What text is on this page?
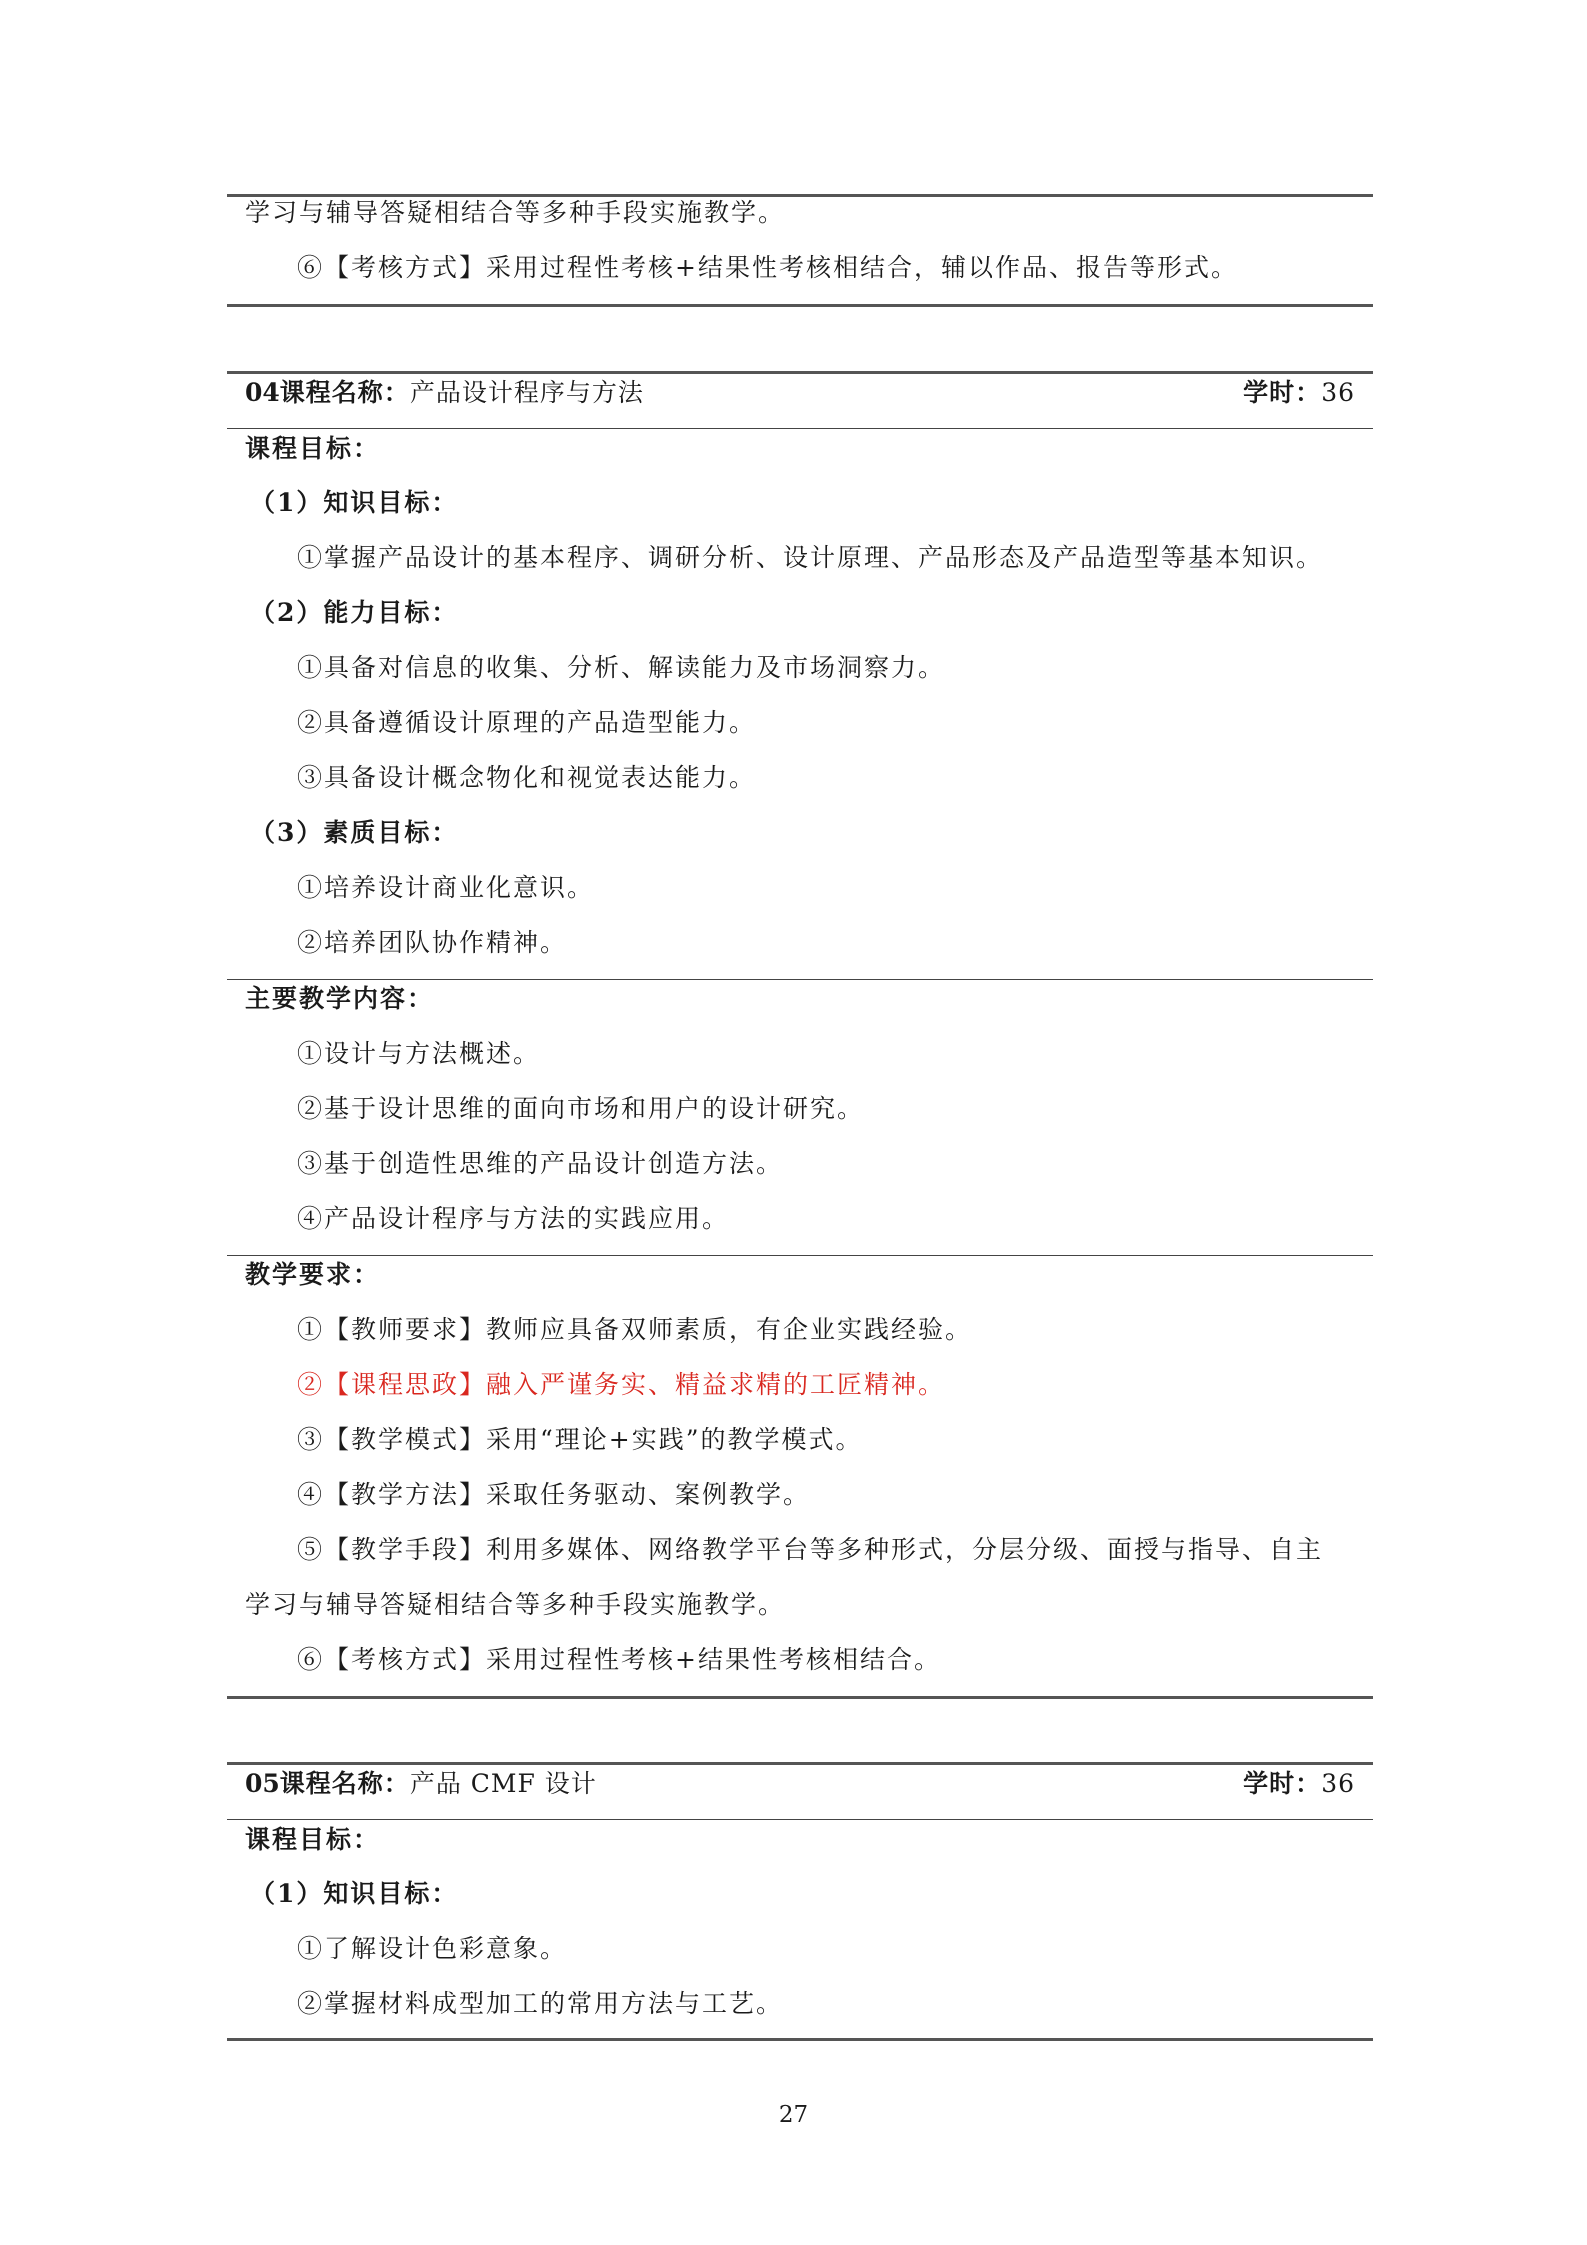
学习与辅导答疑相结合等多种手段实施教学。
⑥【考核方式】采用过程性考核+结果性考核相结合，辅以作品、报告等形式。
04课程名称：产品设计程序与方法	学时：36
课程目标：
（1）知识目标：
①掌握产品设计的基本程序、调研分析、设计原理、产品形态及产品造型等基本知识。
（2）能力目标：
①具备对信息的收集、分析、解读能力及市场洞察力。
②具备遵循设计原理的产品造型能力。
③具备设计概念物化和视觉表达能力。
（3）素质目标：
①培养设计商业化意识。
②培养团队协作精神。
主要教学内容：
①设计与方法概述。
②基于设计思维的面向市场和用户的设计研究。
③基于创造性思维的产品设计创造方法。
④产品设计程序与方法的实践应用。
教学要求：
①【教师要求】教师应具备双师素质，有企业实践经验。
②【课程思政】融入严谨务实、精益求精的工匠精神。
③【教学模式】采用“理论+实践”的教学模式。
④【教学方法】采取任务驱动、案例教学。
⑤【教学手段】利用多媒体、网络教学平台等多种形式，分层分级、面授与指导、自主
学习与辅导答疑相结合等多种手段实施教学。
⑥【考核方式】采用过程性考核+结果性考核相结合。
05课程名称：产品 CMF 设计	学时：36
课程目标：
（1）知识目标：
①了解设计色彩意象。
②掌握材料成型加工的常用方法与工艺。
27
